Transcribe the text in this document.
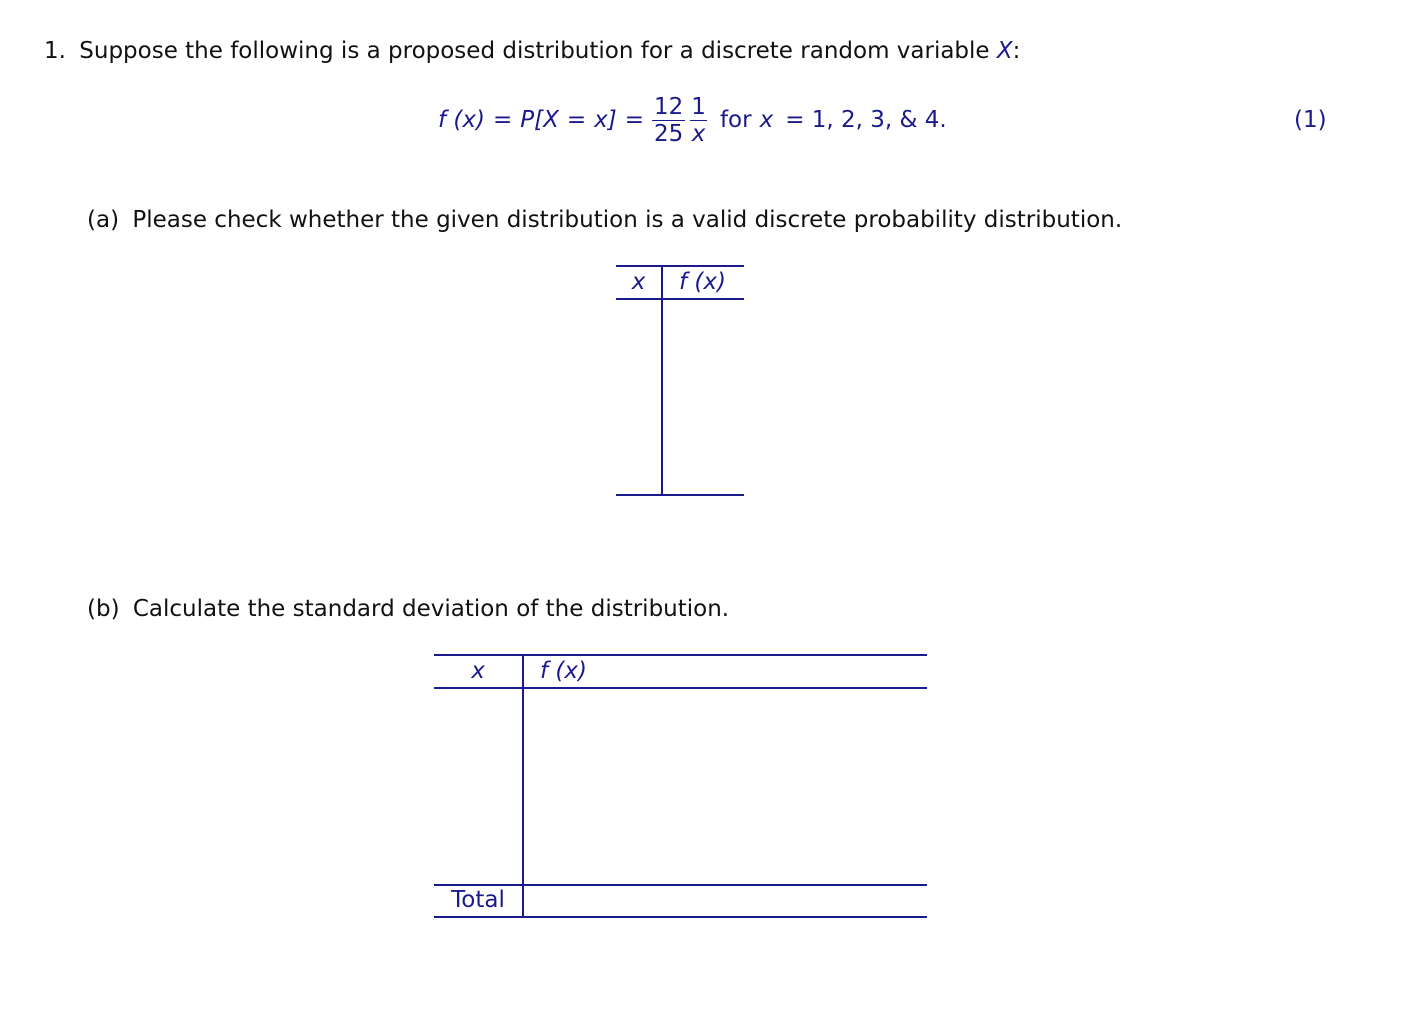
1. Suppose the following is a proposed distribution for a discrete random variable X:
f $(x) = P[X = x] = \frac{12}{25} \frac{1}{x}$ for x = 1, 2, 3, & 4.	(1)
(a) Please check whether the given distribution is a valid discrete probability distribution.
x	f (x)
(b) Calculate the standard deviation of the distribution.
x	f (x)
Total
